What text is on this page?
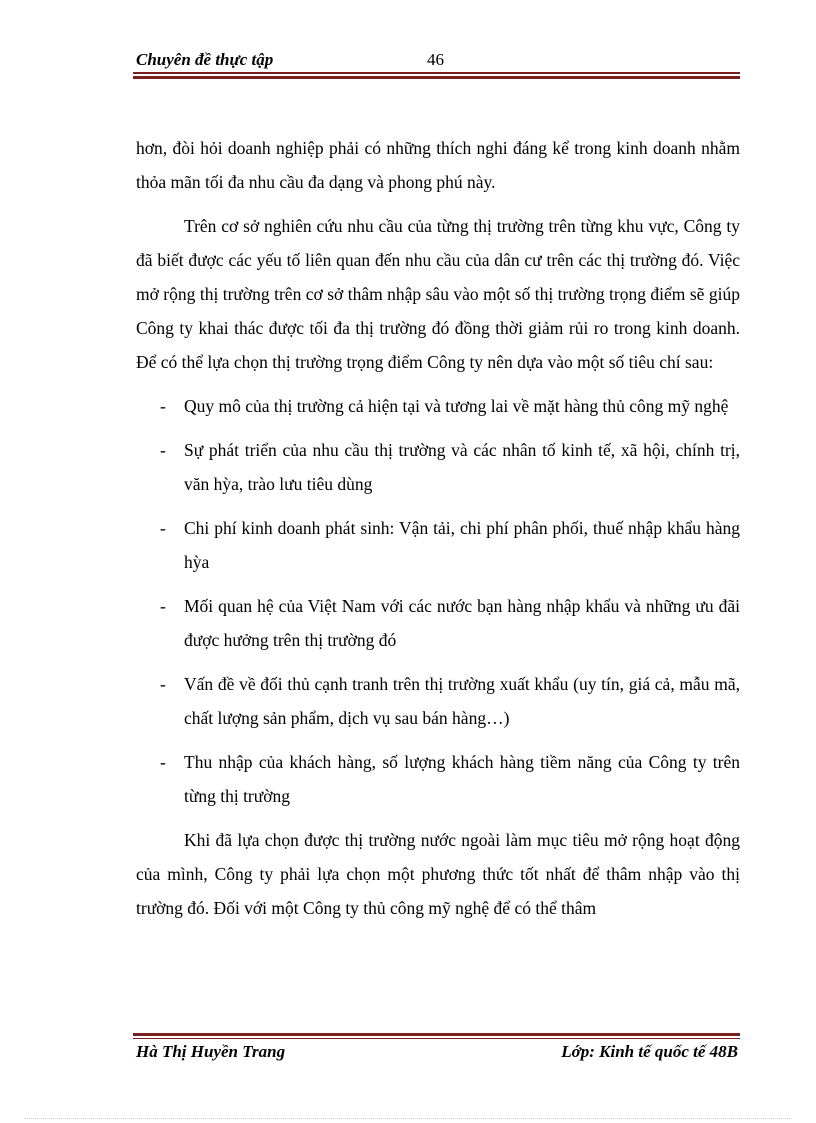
Chuyên đề thực tập	46

hơn, đòi hỏi doanh nghiệp phải có những thích nghi đáng kể trong kinh doanh nhằm thỏa mãn tối đa nhu cầu đa dạng và phong phú này.

Trên cơ sở nghiên cứu nhu cầu của từng thị trường trên từng khu vực, Công ty đã biết được các yếu tố liên quan đến nhu cầu của dân cư trên các thị trường đó. Việc mở rộng thị trường trên cơ sở thâm nhập sâu vào một số thị trường trọng điểm sẽ giúp Công ty khai thác được tối đa thị trường đó đồng thời giảm rủi ro trong kinh doanh. Để có thể lựa chọn thị trường trọng điểm Công ty nên dựa vào một số tiêu chí sau:

- Quy mô của thị trường cả hiện tại và tương lai về mặt hàng thủ công mỹ nghệ
- Sự phát triển của nhu cầu thị trường và các nhân tố kinh tế, xã hội, chính trị, văn hỳa, trào lưu tiêu dùng
- Chi phí kinh doanh phát sinh: Vận tải, chi phí phân phối, thuế nhập khẩu hàng hỳa
- Mối quan hệ của Việt Nam với các nước bạn hàng nhập khẩu và những ưu đãi được hưởng trên thị trường đó
- Vấn đề về đối thủ cạnh tranh trên thị trường xuất khẩu (uy tín, giá cả, mẫu mã, chất lượng sản phẩm, dịch vụ sau bán hàng…)
- Thu nhập của khách hàng, số lượng khách hàng tiềm năng của Công ty trên từng thị trường

Khi đã lựa chọn được thị trường nước ngoài làm mục tiêu mở rộng hoạt động của mình, Công ty phải lựa chọn một phương thức tốt nhất để thâm nhập vào thị trường đó. Đối với một Công ty thủ công mỹ nghệ để có thể thâm

Hà Thị Huyền Trang	Lớp: Kinh tế quốc tế 48B
